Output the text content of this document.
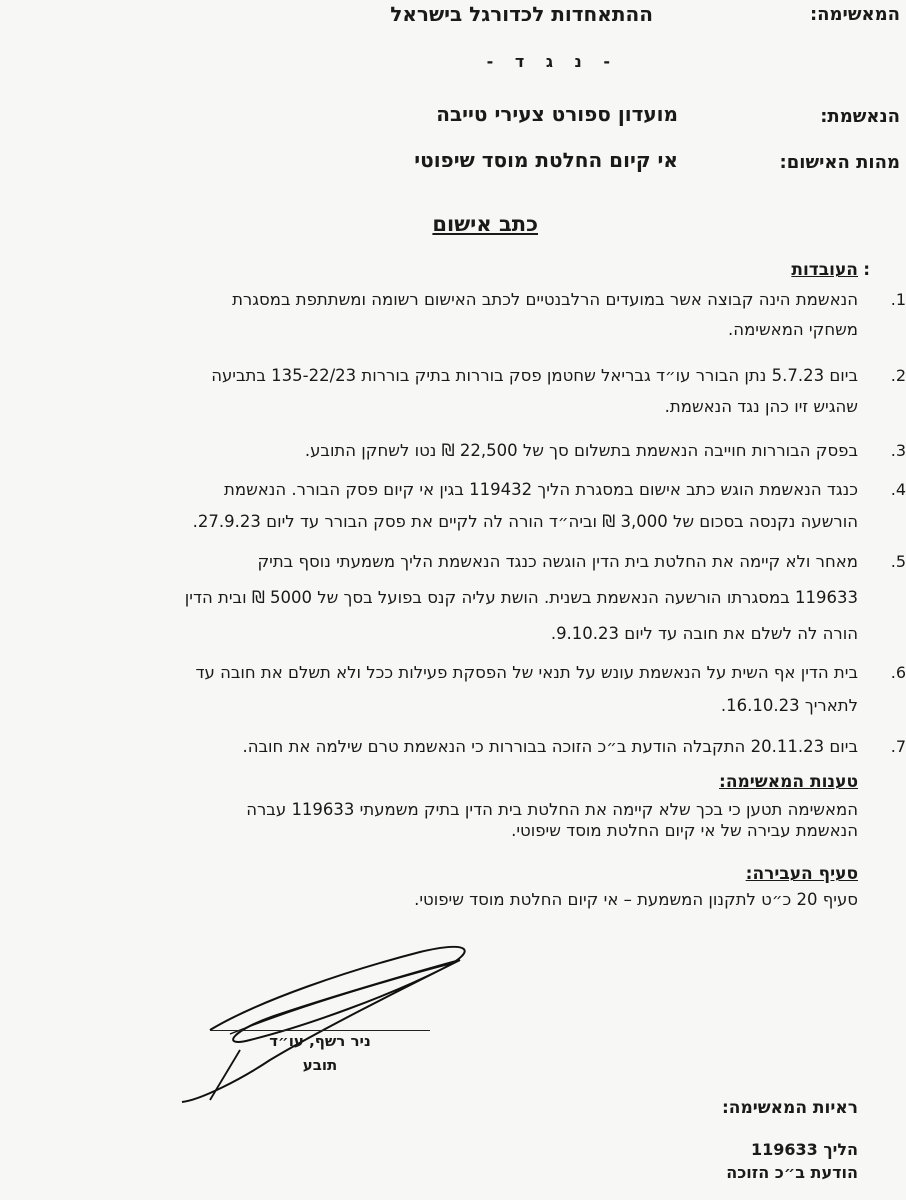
המאשימה:
ההתאחדות לכדורגל בישראל
- נ ג ד -
הנאשמת:
מועדון ספורט צעירי טייבה
מהות האישום:
אי קיום החלטת מוסד שיפוטי
כתב אישום
העובדות :
1.
הנאשמת הינה קבוצה אשר במועדים הרלבנטיים לכתב האישום רשומה ומשתתפת במסגרת
משחקי המאשימה.
2.
ביום 5.7.23 נתן הבורר עו״ד גבריאל שחטמן פסק בוררות בתיק בוררות 135-22/23 בתביעה
שהגיש זיו כהן נגד הנאשמת.
3.
בפסק הבוררות חוייבה הנאשמת בתשלום סך של 22,500 ₪ נטו לשחקן התובע.
4.
כנגד הנאשמת הוגש כתב אישום במסגרת הליך 119432 בגין אי קיום פסק הבורר. הנאשמת
הורשעה נקנסה בסכום של 3,000 ₪ וביה״ד הורה לה לקיים את פסק הבורר עד ליום 27.9.23.
5.
מאחר ולא קיימה את החלטת בית הדין הוגשה כנגד הנאשמת הליך משמעתי נוסף בתיק
119633 במסגרתו הורשעה הנאשמת בשנית. הושת עליה קנס בפועל בסך של 5000 ₪ ובית הדין
הורה לה לשלם את חובה עד ליום 9.10.23.
6.
בית הדין אף השית על הנאשמת עונש על תנאי של הפסקת פעילות ככל ולא תשלם את חובה עד
לתאריך 16.10.23.
7.
ביום 20.11.23 התקבלה הודעת ב״כ הזוכה בבוררות כי הנאשמת טרם שילמה את חובה.
טענות המאשימה:
המאשימה תטען כי בכך שלא קיימה את החלטת בית הדין בתיק משמעתי 119633 עברה
הנאשמת עבירה של אי קיום החלטת מוסד שיפוטי.
סעיף העבירה:
סעיף 20 כ״ט לתקנון המשמעת – אי קיום החלטת מוסד שיפוטי.
ניר רשף, עו״ד
תובע
ראיות המאשימה:
הליך 119633
הודעת ב״כ הזוכה
